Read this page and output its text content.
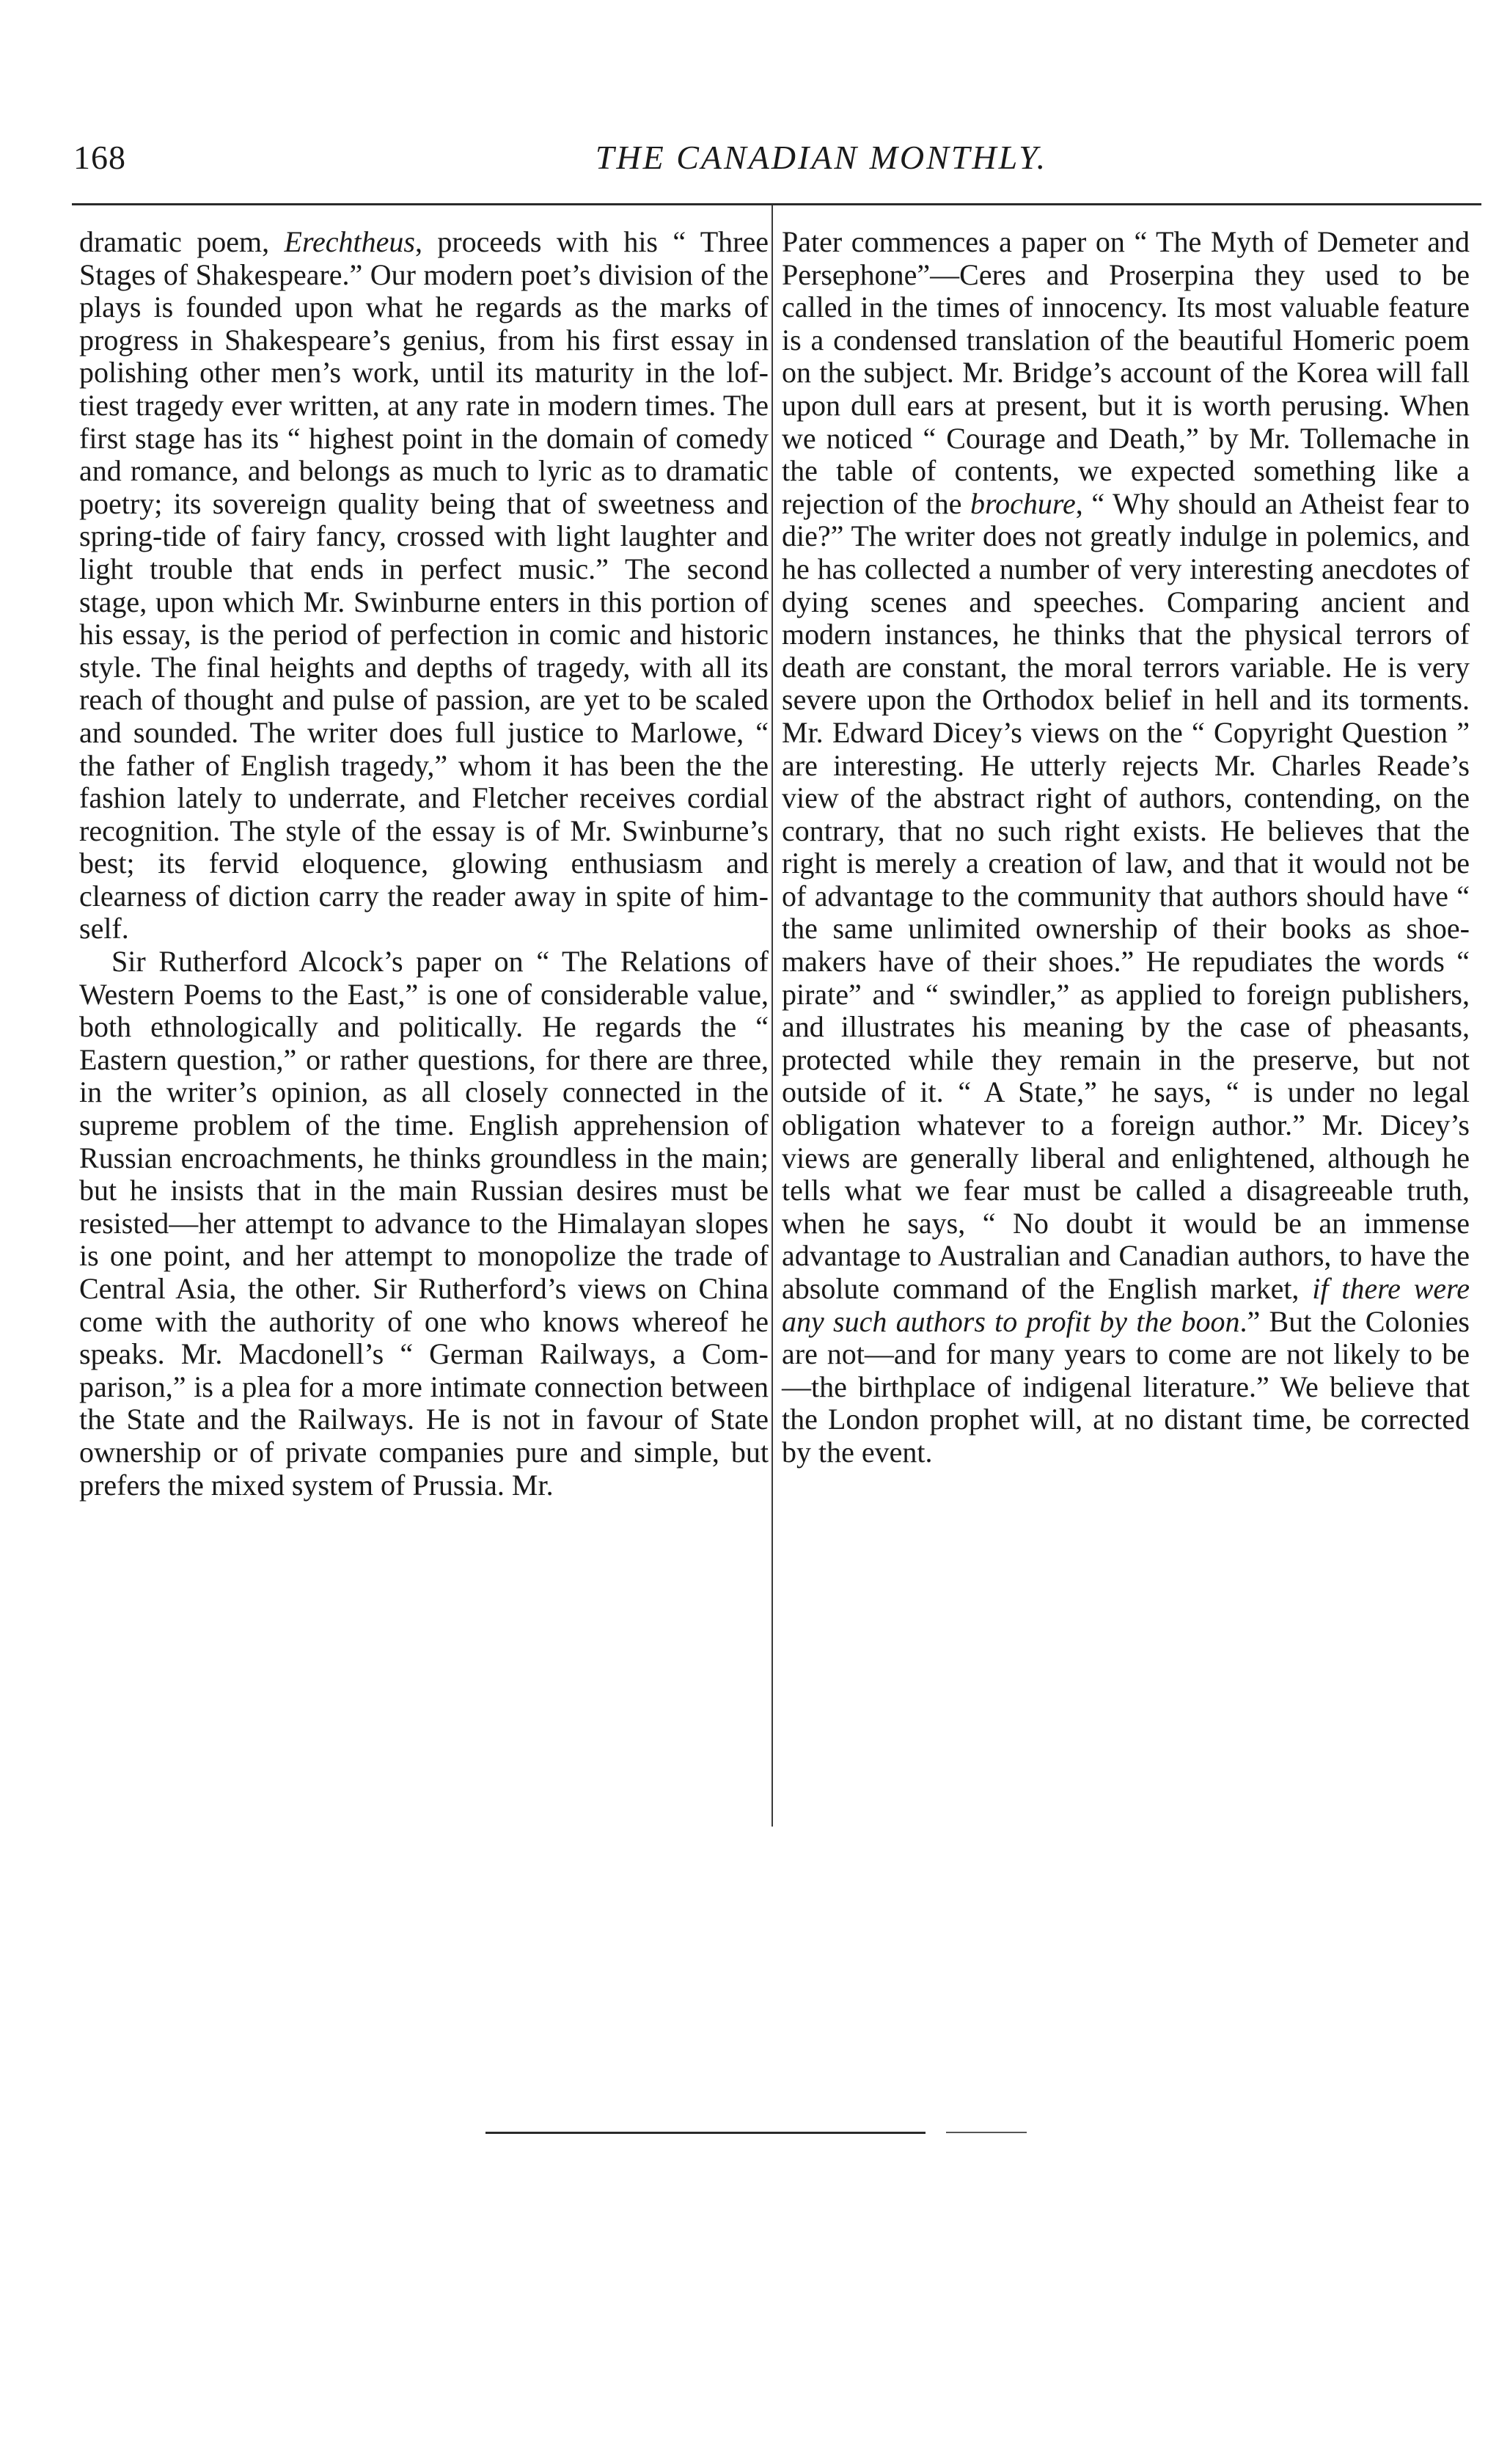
168	THE CANADIAN MONTHLY.

dramatic poem, Erechtheus, proceeds with his “ Three Stages of Shakespeare.” Our modern poet’s division of the plays is founded upon what he regards as the marks of progress in Shakespeare’s genius, from his first essay in polishing other men’s work, until its maturity in the loftiest tragedy ever written, at any rate in modern times. The first stage has its “ highest point in the domain of comedy and romance, and belongs as much to lyric as to dramatic poetry; its sovereign quality being that of sweetness and spring-tide of fairy fancy, crossed with light laughter and light trouble that ends in perfect music.” The second stage, upon which Mr. Swinburne enters in this portion of his essay, is the period of perfection in comic and historic style. The final heights and depths of tragedy, with all its reach of thought and pulse of passion, are yet to be scaled and sounded. The writer does full justice to Marlowe, “ the father of English tragedy,” whom it has been the the fashion lately to underrate, and Fletcher receives cordial recognition. The style of the essay is of Mr. Swinburne’s best; its fervid eloquence, glowing enthusiasm and clearness of diction carry the reader away in spite of himself.

Sir Rutherford Alcock’s paper on “ The Relations of Western Poems to the East,” is one of considerable value, both ethnologically and politically. He regards the “ Eastern question,” or rather questions, for there are three, in the writer’s opinion, as all closely connected in the supreme problem of the time. English apprehension of Russian encroachments, he thinks groundless in the main; but he insists that in the main Russian desires must be resisted—her attempt to advance to the Himalayan slopes is one point, and her attempt to monopolize the trade of Central Asia, the other. Sir Rutherford’s views on China come with the authority of one who knows whereof he speaks. Mr. Macdonell’s “ German Railways, a Comparison,” is a plea for a more intimate connection between the State and the Railways. He is not in favour of State ownership or of private companies pure and simple, but prefers the mixed system of Prussia. Mr.

Pater commences a paper on “ The Myth of Demeter and Persephone”—Ceres and Proserpina they used to be called in the times of innocency. Its most valuable feature is a condensed translation of the beautiful Homeric poem on the subject. Mr. Bridge’s account of the Korea will fall upon dull ears at present, but it is worth perusing. When we noticed “ Courage and Death,” by Mr. Tollemache in the table of contents, we expected something like a rejection of the brochure, “ Why should an Atheist fear to die?” The writer does not greatly indulge in polemics, and he has collected a number of very interesting anecdotes of dying scenes and speeches. Comparing ancient and modern instances, he thinks that the physical terrors of death are constant, the moral terrors variable. He is very severe upon the Orthodox belief in hell and its torments. Mr. Edward Dicey’s views on the “ Copyright Question ” are interesting. He utterly rejects Mr. Charles Reade’s view of the abstract right of authors, contending, on the contrary, that no such right exists. He believes that the right is merely a creation of law, and that it would not be of advantage to the community that authors should have “ the same unlimited ownership of their books as shoemakers have of their shoes.” He repudiates the words “ pirate” and “ swindler,” as applied to foreign publishers, and illustrates his meaning by the case of pheasants, protected while they remain in the preserve, but not outside of it. “ A State,” he says, “ is under no legal obligation whatever to a foreign author.” Mr. Dicey’s views are generally liberal and enlightened, although he tells what we fear must be called a disagreeable truth, when he says, “ No doubt it would be an immense advantage to Australian and Canadian authors, to have the absolute command of the English market, if there were any such authors to profit by the boon.” But the Colonies are not—and for many years to come are not likely to be—the birthplace of indigenal literature.” We believe that the London prophet will, at no distant time, be corrected by the event.
